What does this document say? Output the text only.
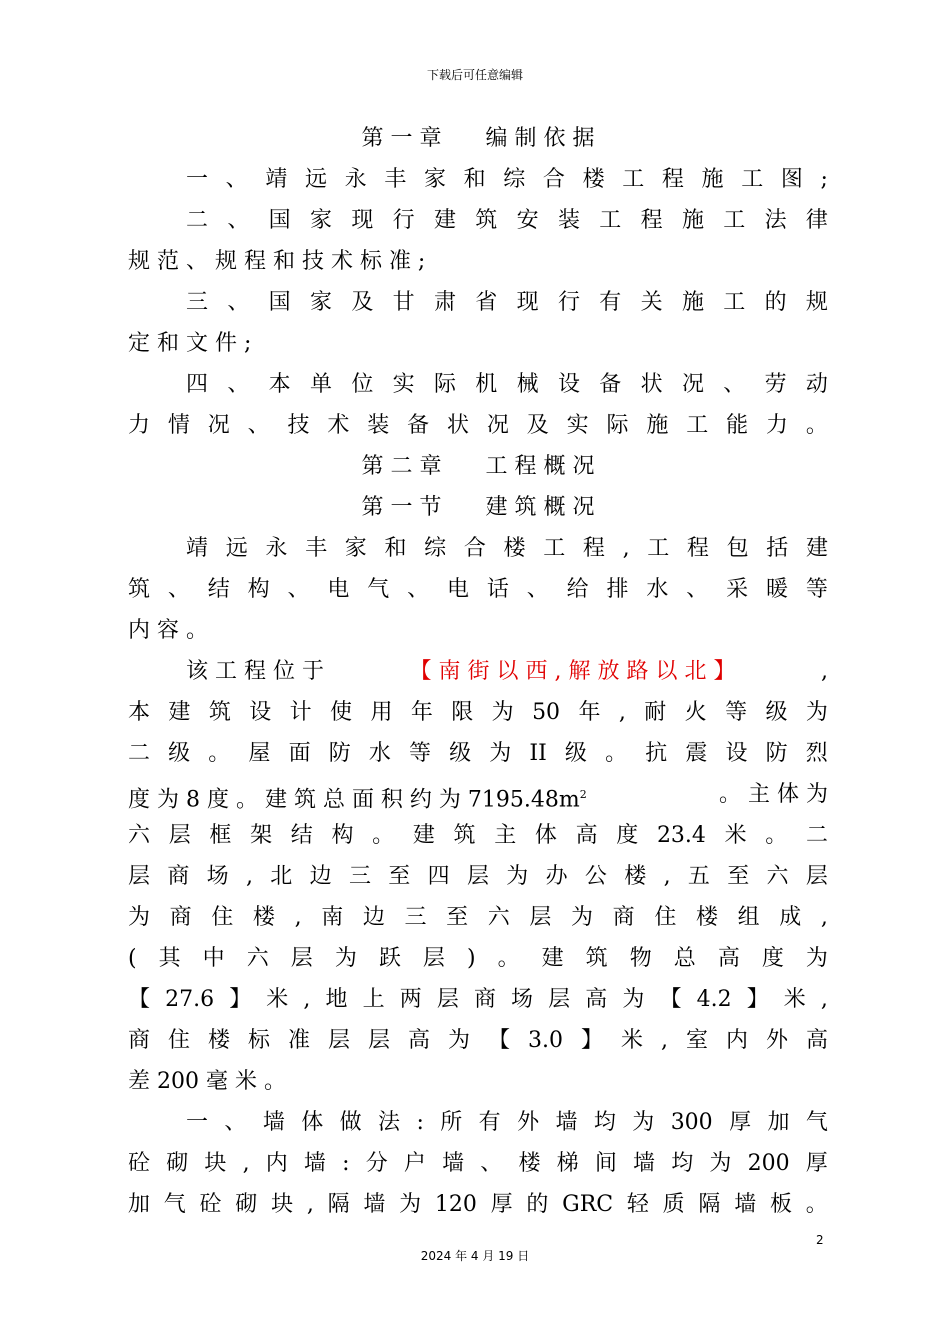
下载后可任意编辑
第 一 章　　编 制 依 据
一 、 靖 远 永 丰 家 和 综 合 楼 工 程 施 工 图 ;
二 、 国 家 现 行 建 筑 安 装 工 程 施 工 法 律
规 范 、 规 程 和 技 术 标 准 ;
三 、 国 家 及 甘 肃 省 现 行 有 关 施 工 的 规
定 和 文 件 ;
四 、 本 单 位 实 际 机 械 设 备 状 况 、 劳 动
力 情 况 、 技 术 装 备 状 况 及 实 际 施 工 能 力 。
第 二 章　　工 程 概 况
第 一 节　　建 筑 概 况
靖 远 永 丰 家 和 综 合 楼 工 程 , 工 程 包 括 建
筑 、 结 构 、 电 气 、 电 话 、 给 排 水 、 采 暖 等
内 容 。
该 工 程 位 于	【 南 街 以 西 , 解 放 路 以 北 】	,
本 建 筑 设 计 使 用 年 限 为 50 年 , 耐 火 等 级 为
二 级 。 屋 面 防 水 等 级 为 II 级 。 抗 震 设 防 烈
度 为 8 度 。 建 筑 总 面 积 约 为 $7195.48m^2$	。 主 体 为
六 层 框 架 结 构 。 建 筑 主 体 高 度 23.4 米 。 二
层 商 场 , 北 边 三 至 四 层 为 办 公 楼 , 五 至 六 层
为 商 住 楼 , 南 边 三 至 六 层 为 商 住 楼 组 成 ,
( 其 中 六 层 为 跃 层 ) 。 建 筑 物 总 高 度 为
【 27.6 】 米 , 地 上 两 层 商 场 层 高 为 【 4.2 】 米 ,
商 住 楼 标 准 层 层 高 为 【 3.0 】 米 , 室 内 外 高
差 200 毫 米 。
一 、 墙 体 做 法 : 所 有 外 墙 均 为 300 厚 加 气
砼 砌 块 , 内 墙 : 分 户 墙 、 楼 梯 间 墙 均 为 200 厚
加 气 砼 砌 块 , 隔 墙 为 120 厚 的 GRC 轻 质 隔 墙 板 。
2
2024 年 4 月 19 日
